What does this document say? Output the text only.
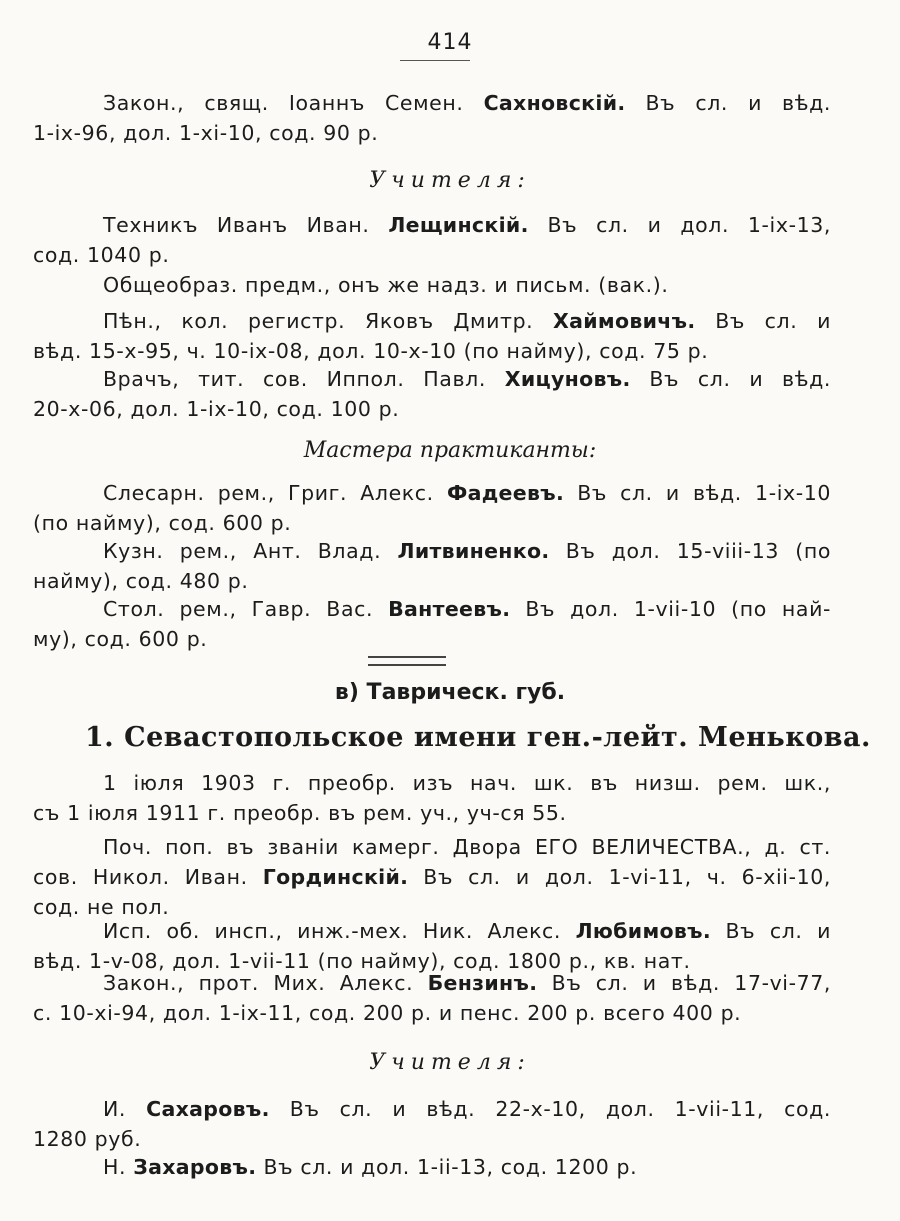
414
Закон., свящ. Iоаннъ Семен. Сахновскій. Въ сл. и вѣд.
1-ix-96, дол. 1-xi-10, сод. 90 р.
Учителя:
Техникъ Иванъ Иван. Лещинскій. Въ сл. и дол. 1-ix-13,
сод. 1040 р.
Общеобраз. предм., онъ же надз. и письм. (вак.).
Пѣн., кол. регистр. Яковъ Дмитр. Хаймовичъ. Въ сл. и
вѣд. 15-x-95, ч. 10-ix-08, дол. 10-x-10 (по найму), сод. 75 р.
Врачъ, тит. сов. Иппол. Павл. Хицуновъ. Въ сл. и вѣд.
20-x-06, дол. 1-ix-10, сод. 100 р.
Мастера практиканты:
Слесарн. рем., Григ. Алекс. Фадеевъ. Въ сл. и вѣд. 1-ix-10
(по найму), сод. 600 р.
Кузн. рем., Ант. Влад. Литвиненко. Въ дол. 15-viii-13 (по
найму), сод. 480 р.
Стол. рем., Гавр. Вас. Вантеевъ. Въ дол. 1-vii-10 (по най-
му), сод. 600 р.
в) Таврическ. губ.
1. Севастопольское имени ген.-лейт. Менькова.
1 іюля 1903 г. преобр. изъ нач. шк. въ низш. рем. шк.,
съ 1 іюля 1911 г. преобр. въ рем. уч., уч-ся 55.
Поч. поп. въ званіи камерг. Двора ЕГО ВЕЛИЧЕСТВА., д. ст.
сов. Никол. Иван. Гординскій. Въ сл. и дол. 1-vi-11, ч. 6-xii-10,
сод. не пол.
Исп. об. инсп., инж.-мех. Ник. Алекс. Любимовъ. Въ сл. и
вѣд. 1-v-08, дол. 1-vii-11 (по найму), сод. 1800 р., кв. нат.
Закон., прот. Мих. Алекс. Бензинъ. Въ сл. и вѣд. 17-vi-77,
с. 10-xi-94, дол. 1-ix-11, сод. 200 р. и пенс. 200 р. всего 400 р.
Учителя:
И. Сахаровъ. Въ сл. и вѣд. 22-x-10, дол. 1-vii-11, сод.
1280 руб.
Н. Захаровъ. Въ сл. и дол. 1-ii-13, сод. 1200 р.
